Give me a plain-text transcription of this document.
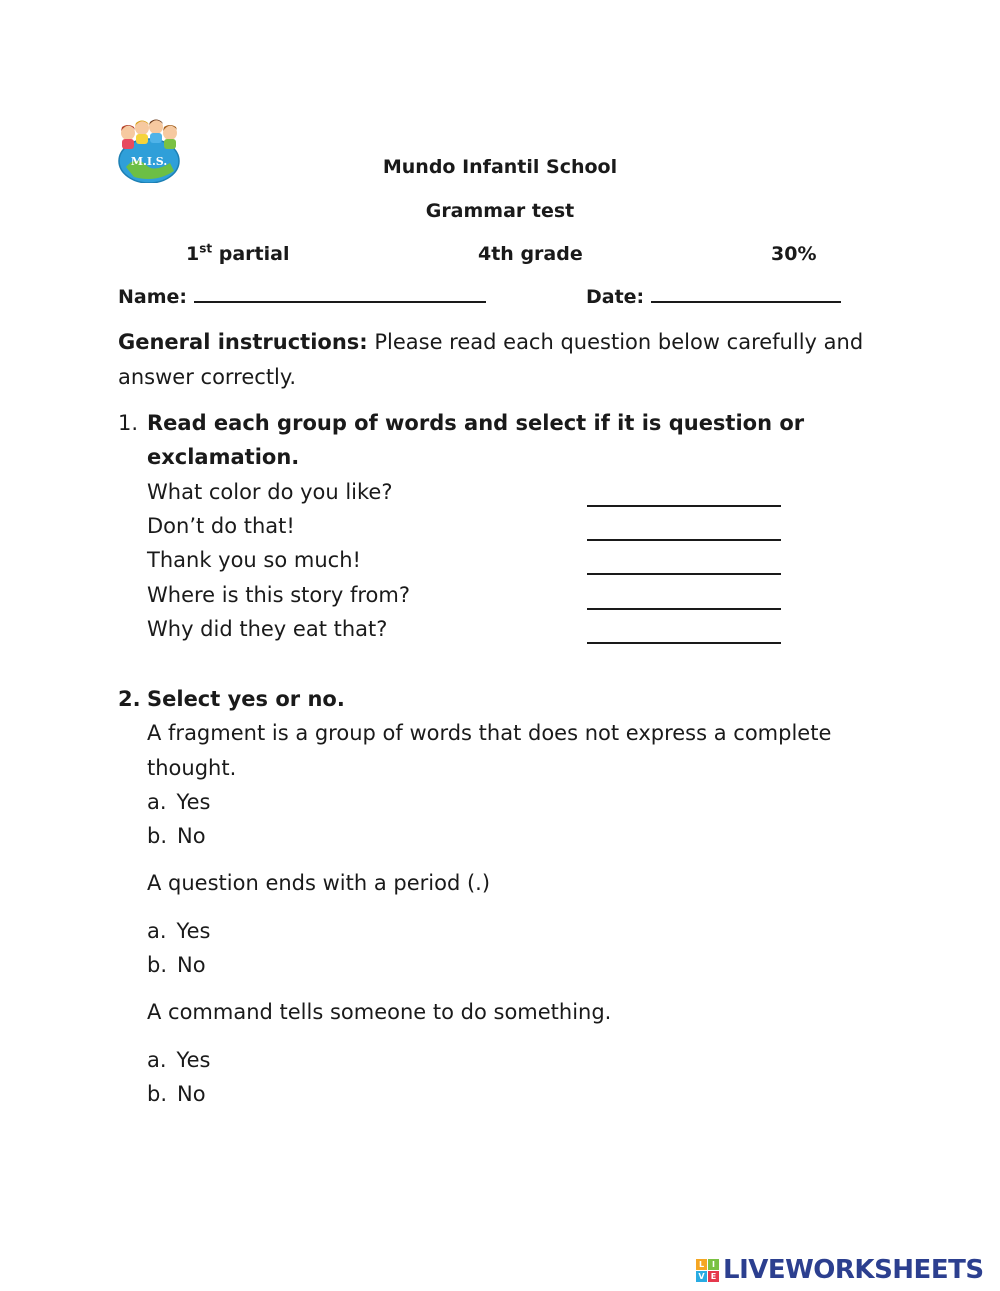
M.I.S.	Mundo Infantil School
Grammar test
1st partial	4th grade	30%
Name:	Date:
General instructions: Please read each question below carefully and
answer correctly.
1. Read each group of words and select if it is question or
exclamation.
What color do you like?
Don’t do that!
Thank you so much!
Where is this story from?
Why did they eat that?
2. Select yes or no.
A fragment is a group of words that does not express a complete
thought.
a. Yes
b. No
A question ends with a period (.)
a. Yes
b. No
A command tells someone to do something.
a. Yes
b. No
L I
V E LIVEWORKSHEETS
